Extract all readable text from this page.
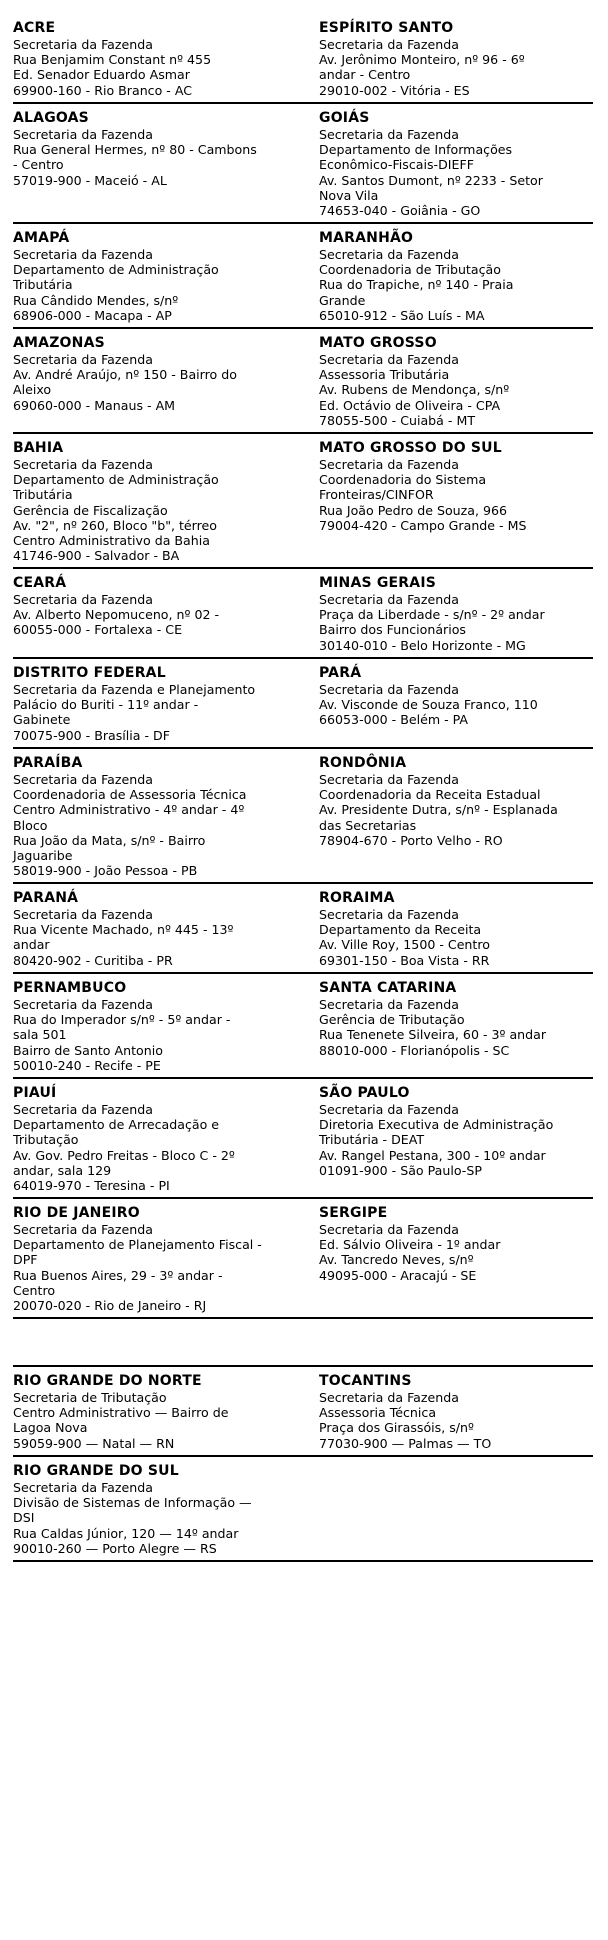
ACRE
Secretaria da Fazenda
Rua Benjamim Constant nº 455
Ed. Senador Eduardo Asmar
69900-160 - Rio Branco - AC
ESPÍRITO SANTO
Secretaria da Fazenda
Av. Jerônimo Monteiro, nº 96 - 6º
andar - Centro
29010-002 - Vitória - ES
ALAGOAS
Secretaria da Fazenda
Rua General Hermes, nº 80 - Cambons
- Centro
57019-900 - Maceió - AL
GOIÁS
Secretaria da Fazenda
Departamento de Informações
Econômico-Fiscais-DIEFF
Av. Santos Dumont, nº 2233 - Setor
Nova Vila
74653-040 - Goiânia - GO
AMAPÁ
Secretaria da Fazenda
Departamento de Administração
Tributária
Rua Cândido Mendes, s/nº
68906-000 - Macapa - AP
MARANHÃO
Secretaria da Fazenda
Coordenadoria de Tributação
Rua do Trapiche, nº 140 - Praia
Grande
65010-912 - São Luís - MA
AMAZONAS
Secretaria da Fazenda
Av. André Araújo, nº 150 - Bairro do
Aleixo
69060-000 - Manaus - AM
MATO GROSSO
Secretaria da Fazenda
Assessoria Tributária
Av. Rubens de Mendonça, s/nº
Ed. Octávio de Oliveira - CPA
78055-500 - Cuiabá - MT
BAHIA
Secretaria da Fazenda
Departamento de Administração
Tributária
Gerência de Fiscalização
Av. "2", nº 260, Bloco "b", térreo
Centro Administrativo da Bahia
41746-900 - Salvador - BA
MATO GROSSO DO SUL
Secretaria da Fazenda
Coordenadoria do Sistema
Fronteiras/CINFOR
Rua João Pedro de Souza, 966
79004-420 - Campo Grande - MS
CEARÁ
Secretaria da Fazenda
Av. Alberto Nepomuceno, nº 02 -
60055-000 - Fortalexa - CE
MINAS GERAIS
Secretaria da Fazenda
Praça da Liberdade - s/nº - 2º andar
Bairro dos Funcionários
30140-010 - Belo Horizonte - MG
DISTRITO FEDERAL
Secretaria da Fazenda e Planejamento
Palácio do Buriti - 11º andar -
Gabinete
70075-900 - Brasília - DF
PARÁ
Secretaria da Fazenda
Av. Visconde de Souza Franco, 110
66053-000 - Belém - PA
PARAÍBA
Secretaria da Fazenda
Coordenadoria de Assessoria Técnica
Centro Administrativo - 4º andar - 4º
Bloco
Rua João da Mata, s/nº - Bairro
Jaguaribe
58019-900 - João Pessoa - PB
RONDÔNIA
Secretaria da Fazenda
Coordenadoria da Receita Estadual
Av. Presidente Dutra, s/nº - Esplanada
das Secretarias
78904-670 - Porto Velho - RO
PARANÁ
Secretaria da Fazenda
Rua Vicente Machado, nº 445 - 13º
andar
80420-902 - Curitiba - PR
RORAIMA
Secretaria da Fazenda
Departamento da Receita
Av. Ville Roy, 1500 - Centro
69301-150 - Boa Vista - RR
PERNAMBUCO
Secretaria da Fazenda
Rua do Imperador s/nº - 5º andar -
sala 501
Bairro de Santo Antonio
50010-240 - Recife - PE
SANTA CATARINA
Secretaria da Fazenda
Gerência de Tributação
Rua Tenenete Silveira, 60 - 3º andar
88010-000 - Florianópolis - SC
PIAUÍ
Secretaria da Fazenda
Departamento de Arrecadação e
Tributação
Av. Gov. Pedro Freitas - Bloco C - 2º
andar, sala 129
64019-970 - Teresina - PI
SÃO PAULO
Secretaria da Fazenda
Diretoria Executiva de Administração
Tributária - DEAT
Av. Rangel Pestana, 300 - 10º andar
01091-900 - São Paulo-SP
RIO DE JANEIRO
Secretaria da Fazenda
Departamento de Planejamento Fiscal -
DPF
Rua Buenos Aires, 29 - 3º andar -
Centro
20070-020 - Rio de Janeiro - RJ
SERGIPE
Secretaria da Fazenda
Ed. Sálvio Oliveira - 1º andar
Av. Tancredo Neves, s/nº
49095-000 - Aracajú - SE
RIO GRANDE DO NORTE
Secretaria de Tributação
Centro Administrativo — Bairro de
Lagoa Nova
59059-900 — Natal — RN
TOCANTINS
Secretaria da Fazenda
Assessoria Técnica
Praça dos Girassóis, s/nº
77030-900 — Palmas — TO
RIO GRANDE DO SUL
Secretaria da Fazenda
Divisão de Sistemas de Informação —
DSI
Rua Caldas Júnior, 120 — 14º andar
90010-260 — Porto Alegre — RS
